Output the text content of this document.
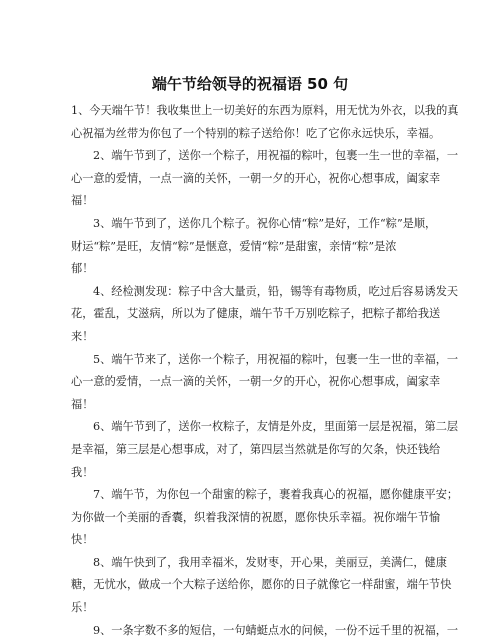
端午节给领导的祝福语 50 句
1、今天端午节！我收集世上一切美好的东西为原料，用无忧为外衣，以我的真
心祝福为丝带为你包了一个特别的粽子送给你！吃了它你永远快乐，幸福。
2、端午节到了，送你一个粽子，用祝福的粽叶，包裹一生一世的幸福，一
心一意的爱情，一点一滴的关怀，一朝一夕的开心，祝你心想事成，阖家幸
福！
3、端午节到了，送你几个粽子。祝你心情“粽”是好，工作“粽”是顺，
财运“粽”是旺，友情“粽”是惬意，爱情“粽”是甜蜜，亲情“粽”是浓
郁！
4、经检测发现：粽子中含大量贡，铅，锡等有毒物质，吃过后容易诱发天
花，霍乱，艾滋病，所以为了健康，端午节千万别吃粽子，把粽子都给我送
来！
5、端午节来了，送你一个粽子，用祝福的粽叶，包裹一生一世的幸福，一
心一意的爱情，一点一滴的关怀，一朝一夕的开心，祝你心想事成，阖家幸
福！
6、端午节到了，送你一枚粽子，友情是外皮，里面第一层是祝福，第二层
是幸福，第三层是心想事成，对了，第四层当然就是你写的欠条，快还钱给
我！
7、端午节，为你包一个甜蜜的粽子，裹着我真心的祝福，愿你健康平安；
为你做一个美丽的香囊，织着我深情的祝愿，愿你快乐幸福。祝你端午节愉
快！
8、端午快到了，我用幸福米，发财枣，开心果，美丽豆，美满仁，健康
糖，无忧水，做成一个大粽子送给你，愿你的日子就像它一样甜蜜，端午节快
乐！
9、一条字数不多的短信，一句蜻蜓点水的问候，一份不远千里的祝福，一
